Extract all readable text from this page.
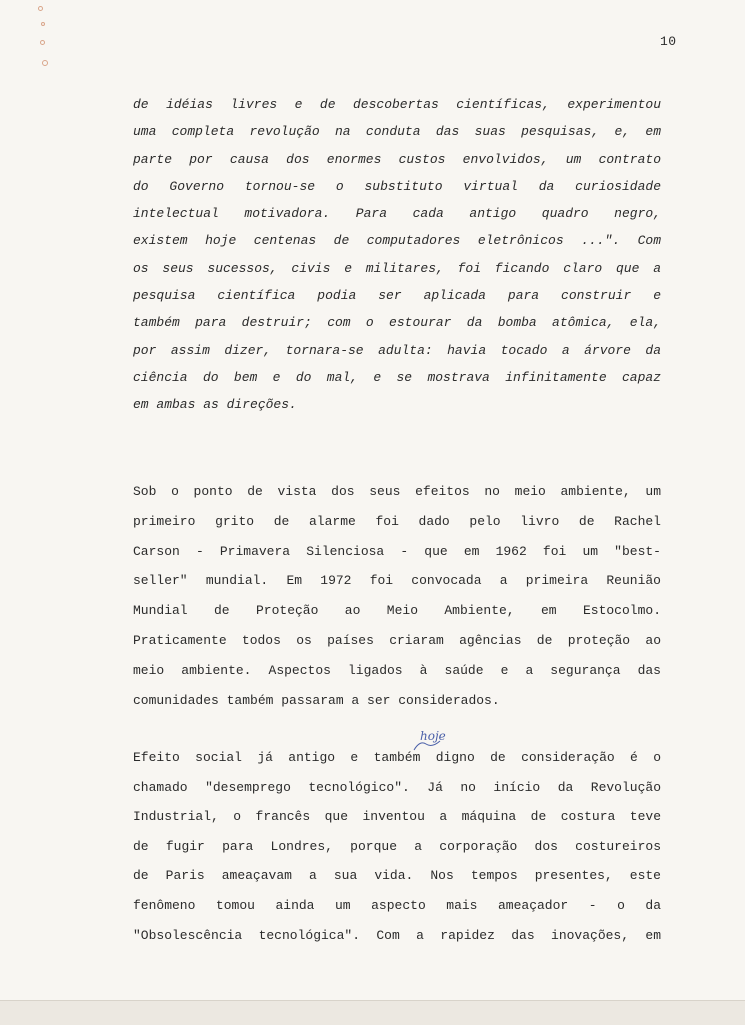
10
de idéias livres e de descobertas científicas, experimentou
uma completa revolução na conduta das suas pesquisas, e, em
parte por causa dos enormes custos envolvidos, um contrato
do Governo tornou-se o substituto virtual da curiosidade
intelectual motivadora. Para cada antigo quadro negro,
existem hoje centenas de computadores eletrônicos ...". Com
os seus sucessos, civis e militares, foi ficando claro que a
pesquisa científica podia ser aplicada para construir e
também para destruir; com o estourar da bomba atômica, ela,
por assim dizer, tornara-se adulta: havia tocado a árvore da
ciência do bem e do mal, e se mostrava infinitamente capaz
em ambas as direções.
Sob o ponto de vista dos seus efeitos no meio ambiente, um
primeiro grito de alarme foi dado pelo livro de Rachel
Carson - Primavera Silenciosa - que em 1962 foi um "best-
seller" mundial. Em 1972 foi convocada a primeira Reunião
Mundial de Proteção ao Meio Ambiente, em Estocolmo.
Praticamente todos os países criaram agências de proteção ao
meio ambiente. Aspectos ligados à saúde e a segurança das
comunidades também passaram a ser considerados.
hoje
Efeito social já antigo e também digno de consideração é o
chamado "desemprego tecnológico". Já no início da Revolução
Industrial, o francês que inventou a máquina de costura teve
de fugir para Londres, porque a corporação dos costureiros
de Paris ameaçavam a sua vida. Nos tempos presentes, este
fenômeno tomou ainda um aspecto mais ameaçador - o da
"Obsolescência tecnológica". Com a rapidez das inovações, em
